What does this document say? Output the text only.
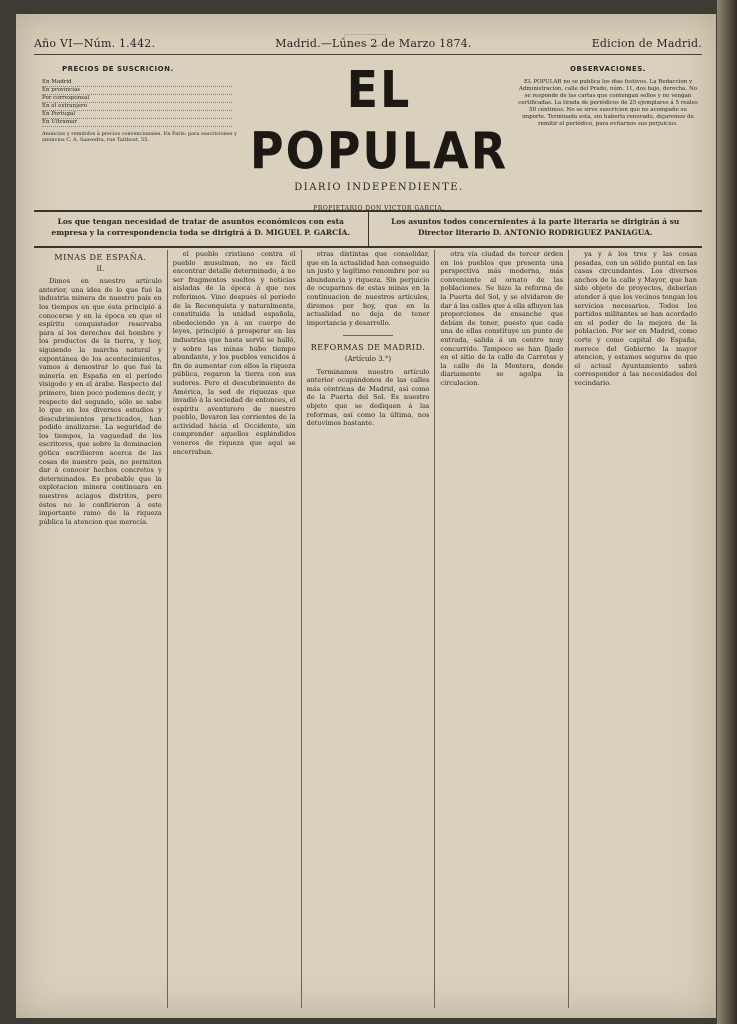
Año VI—Núm. 1.442.	Madrid.—Lúnes 2 de Marzo 1874.	Edicion de Madrid.
PRECIOS DE SUSCRICION.
En Madrid
En provincias
Por corresponsal
En el extranjero
En Portugal
En Ultramar
Anuncios y remitidos á precios convencionales. En París: para suscriciones y anuncios C. A. Saavedra, rue Taitbout, 55.
EL POPULAR
DIARIO INDEPENDIENTE.
PROPIETARIO DON VICTOR GARCIA.
OBSERVACIONES.
EL POPULAR no se publica los dias festivos. La Redaccion y Administracion, calle del Prado, núm. 11, dos bajo, derecha. No se responde de las cartas que contengan sellos y no vengan certificadas. La tirada de periódicos de 25 ejemplares á 5 reales 50 céntimos. No se sirve suscricion que no acompañe su importe. Terminada esta, sin haberla renovado, dejaremos de remitir el periódico, para evitarnos sus perjuicios.
Los que tengan necesidad de tratar de asuntos económicos con esta empresa y la correspondencia toda se dirigirá á D. MIGUEL P. GARCÍA.
Los asuntos todos concernientes á la parte literaria se dirigirán á su Director literario D. ANTONIO RODRIGUEZ PANIAGUA.
MINAS DE ESPAÑA.
II.

Dimos en nuestro artículo anterior, una idea de lo que fué la industria minera de nuestro país en los tiempos en que ésta principió á conocerse y en la época en que el espíritu conquistador reservaba para sí los derechos del hombre y los productos de la tierra, y hoy, siguiendo la marcha natural y expontánea de los acontecimientos, vamos á demostrar lo que fué la minería en España en el período visigodo y en el árabe. Respecto del primero, bien poco podemos decir, y respecto del segundo, sólo se sabe lo que en los diversos estudios y descubrimientos practicados, han podido analizarse. La seguridad de los tiempos, la vaguedad de los escritores, que sobre la dominacion gótica escribieron acerca de las cosas de nuestro país, no permiten dar á conocer hechos concretos y determinados. Es probable que la explotacion minera continuara en nuestros aciagos distritos, pero éstos no le confirieron á este importante ramo de la riqueza pública la atencion que merecía.

el pueblo cristiano contra el pueblo musulman, no es fácil encontrar detalle determinado, á no ser fragmentos sueltos y noticias aisladas de la época á que nos referimos. Vino despues el período de la Reconquista y naturalmente, constituida la unidad española, obedeciendo ya á un cuerpo de leyes, principió á prosperar en las industrias que hasta servil se halló, y sobre las minas hubo tiempo abundante, y los pueblos vencidos á fin de aumentar con ellos la riqueza pública, regaron la tierra con sus sudores. Pero el descubrimiento de América, la sed de riquezas que invadió á la sociedad de entonces, el espíritu aventurero de nuestro pueblo, llevaron las corrientes de la actividad hácia el Occidente, sin comprender aquellos espléndidos veneros de riqueza que aquí se encerraban.

otras distintas que consolidar, que en la actualidad han conseguido un justo y legítimo renombre por su abundancia y riqueza. Sin perjuicio de ocuparnos de estas minas en la continuacion de nuestros artículos, diremos por hoy, que en la actualidad no deja de tener importancia y desarrollo.

REFORMAS DE MADRID.
(Artículo 3.°)

Terminamos nuestro artículo anterior ocupándonos de las calles más céntricas de Madrid, así como de la Puerta del Sol. Es nuestro objeto que se dediquen á las reformas, así como la última, nos detuvimos bastante.

otra vía ciudad de tercer órden en los pueblos que presenta una perspectiva más moderna, más conveniente al ornato de las poblaciones. Se hizo la reforma de la Puerta del Sol, y se olvidaron de dar á las calles que á ella afluyen las proporciones de ensanche que debían de tener, puesto que cada una de ellas constituye un punto de entrada, salida á un centro muy concurrido. Tampoco se han fijado en el sitio de la calle de Carretas y la calle de la Montera, donde diariamente se agolpa la circulacion.

ya y á los tres y las cosas pesadas, con un sólido puntal en las casas circundantes. Los diversos anchos de la calle y Mayor, que han sido objeto de proyectos, deberían atender á que los vecinos tengan los servicios necesarios. Todos los partidos militantes se han acordado en el poder de la mejora de la poblacion. Por ser en Madrid, como corte y como capital de España, merece del Gobierno la mayor atencion, y estamos seguros de que el actual Ayuntamiento sabrá corresponder á las necesidades del vecindario.
